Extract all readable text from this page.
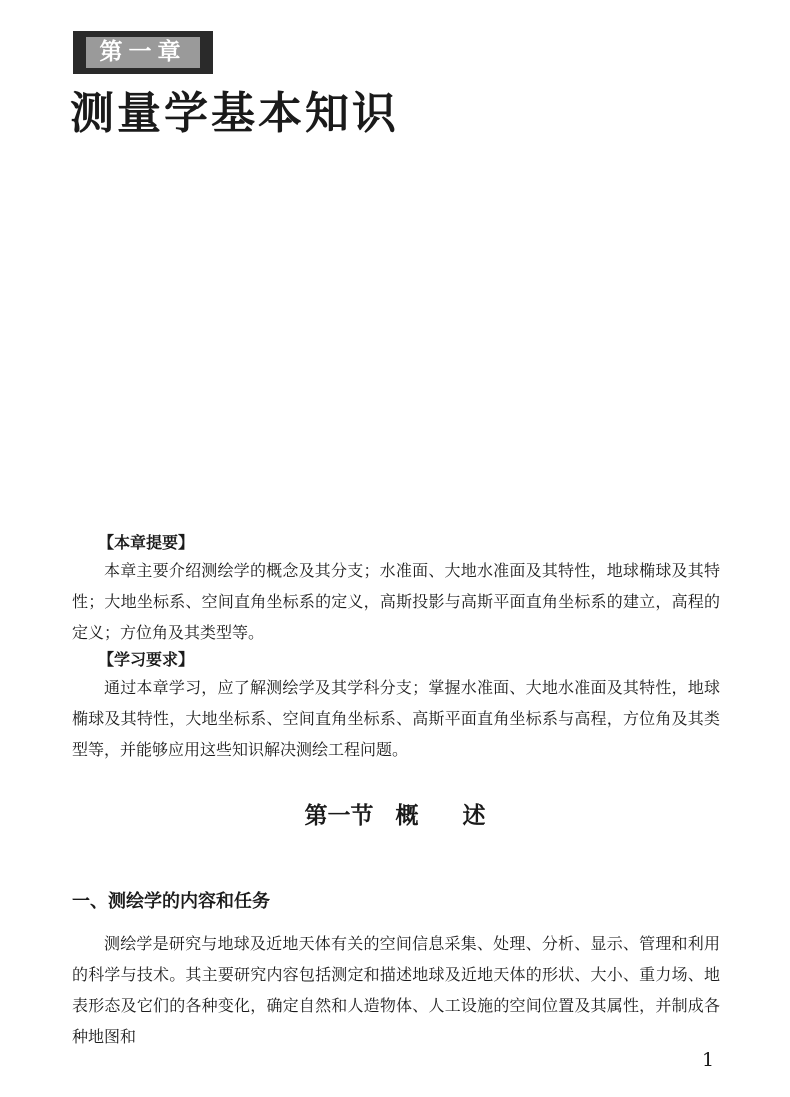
第一章
测量学基本知识
【本章提要】

本章主要介绍测绘学的概念及其分支；水准面、大地水准面及其特性，地球椭球及其特性；大地坐标系、空间直角坐标系的定义，高斯投影与高斯平面直角坐标系的建立，高程的定义；方位角及其类型等。

【学习要求】

通过本章学习，应了解测绘学及其学科分支；掌握水准面、大地水准面及其特性，地球椭球及其特性，大地坐标系、空间直角坐标系、高斯平面直角坐标系与高程，方位角及其类型等，并能够应用这些知识解决测绘工程问题。

第一节 概 述
一、测绘学的内容和任务

测绘学是研究与地球及近地天体有关的空间信息采集、处理、分析、显示、管理和利用的科学与技术。其主要研究内容包括测定和描述地球及近地天体的形状、大小、重力场、地表形态及它们的各种变化，确定自然和人造物体、人工设施的空间位置及其属性，并制成各种地图和

1
